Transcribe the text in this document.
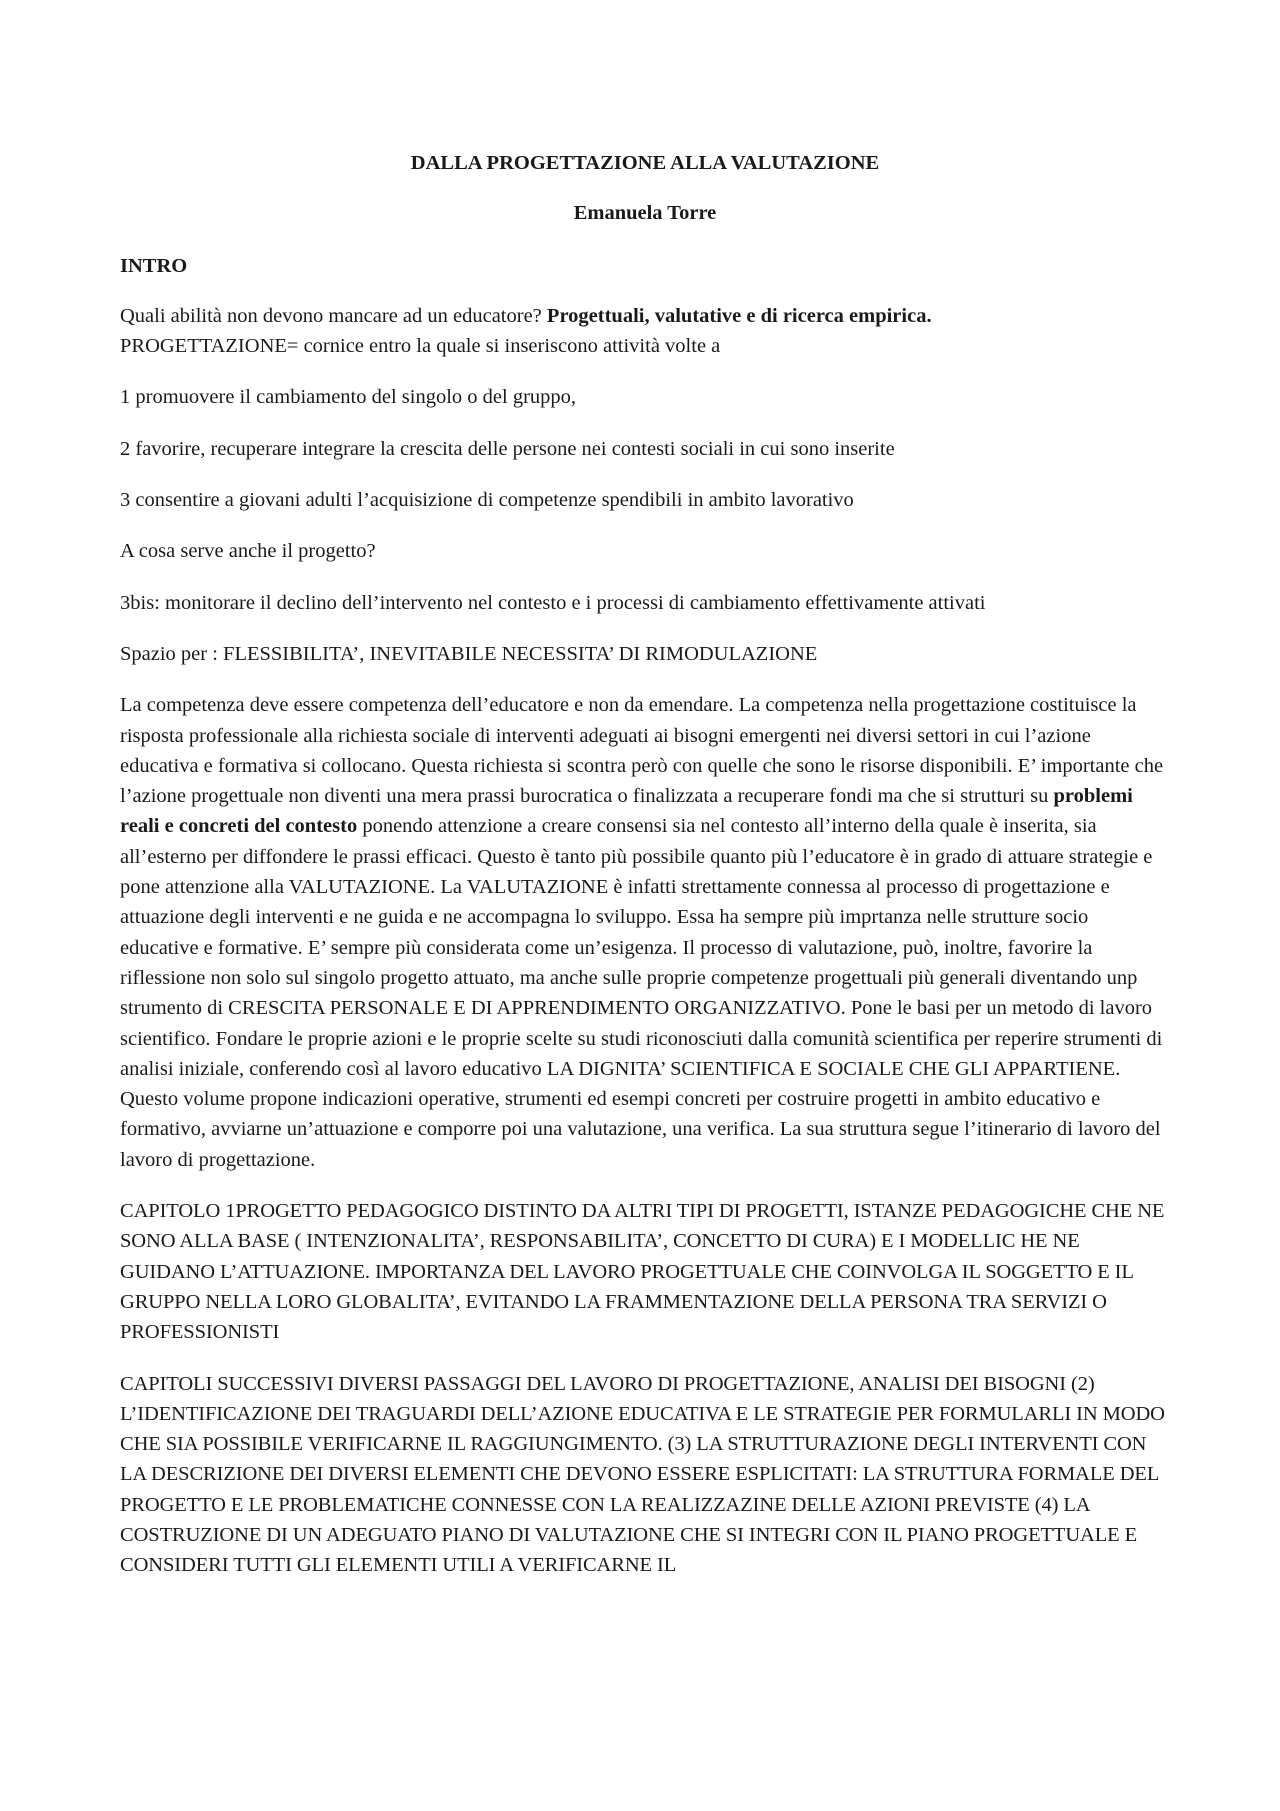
DALLA PROGETTAZIONE ALLA VALUTAZIONE
Emanuela Torre
INTRO

Quali abilità non devono mancare ad un educatore? Progettuali, valutative e di ricerca empirica.
PROGETTAZIONE= cornice entro la quale si inseriscono attività volte a

1 promuovere il cambiamento del singolo o del gruppo,

2 favorire, recuperare integrare la crescita delle persone nei contesti sociali in cui sono inserite

3 consentire a giovani adulti l’acquisizione di competenze spendibili in ambito lavorativo

A cosa serve anche il progetto?

3bis: monitorare il declino dell’intervento nel contesto e i processi di cambiamento effettivamente attivati

Spazio per : FLESSIBILITA’, INEVITABILE NECESSITA’ DI RIMODULAZIONE

La competenza deve essere competenza dell’educatore e non da emendare. La competenza nella progettazione costituisce la risposta professionale alla richiesta sociale di interventi adeguati ai bisogni emergenti nei diversi settori in cui l’azione educativa e formativa si collocano. Questa richiesta si scontra però con quelle che sono le risorse disponibili. E’ importante che l’azione progettuale non diventi una mera prassi burocratica o finalizzata a recuperare fondi ma che si strutturi su problemi reali e concreti del contesto ponendo attenzione a creare consensi sia nel contesto all’interno della quale è inserita, sia all’esterno per diffondere le prassi efficaci. Questo è tanto più possibile quanto più l’educatore è in grado di attuare strategie e pone attenzione alla VALUTAZIONE. La VALUTAZIONE è infatti strettamente connessa al processo di progettazione e attuazione degli interventi e ne guida e ne accompagna lo sviluppo. Essa ha sempre più imprtanza nelle strutture socio educative e formative. E’ sempre più considerata come un’esigenza. Il processo di valutazione, può, inoltre, favorire la riflessione non solo sul singolo progetto attuato, ma anche sulle proprie competenze progettuali più generali diventando unp strumento di CRESCITA PERSONALE E DI APPRENDIMENTO ORGANIZZATIVO. Pone le basi per un metodo di lavoro scientifico. Fondare le proprie azioni e le proprie scelte su studi riconosciuti dalla comunità scientifica per reperire strumenti di analisi iniziale, conferendo così al lavoro educativo LA DIGNITA’ SCIENTIFICA E SOCIALE CHE GLI APPARTIENE. Questo volume propone indicazioni operative, strumenti ed esempi concreti per costruire progetti in ambito educativo e formativo, avviarne un’attuazione e comporre poi una valutazione, una verifica. La sua struttura segue l’itinerario di lavoro del lavoro di progettazione.

CAPITOLO 1PROGETTO PEDAGOGICO DISTINTO DA ALTRI TIPI DI PROGETTI, ISTANZE PEDAGOGICHE CHE NE SONO ALLA BASE ( INTENZIONALITA’, RESPONSABILITA’, CONCETTO DI CURA) E I MODELLIC HE NE GUIDANO L’ATTUAZIONE. IMPORTANZA DEL LAVORO PROGETTUALE CHE COINVOLGA IL SOGGETTO E IL GRUPPO NELLA LORO GLOBALITA’, EVITANDO LA FRAMMENTAZIONE DELLA PERSONA TRA SERVIZI O PROFESSIONISTI

CAPITOLI SUCCESSIVI DIVERSI PASSAGGI DEL LAVORO DI PROGETTAZIONE, ANALISI DEI BISOGNI (2) L’IDENTIFICAZIONE DEI TRAGUARDI DELL’AZIONE EDUCATIVA E LE STRATEGIE PER FORMULARLI IN MODO CHE SIA POSSIBILE VERIFICARNE IL RAGGIUNGIMENTO. (3) LA STRUTTURAZIONE DEGLI INTERVENTI CON LA DESCRIZIONE DEI DIVERSI ELEMENTI CHE DEVONO ESSERE ESPLICITATI: LA STRUTTURA FORMALE DEL PROGETTO E LE PROBLEMATICHE CONNESSE CON LA REALIZZAZINE DELLE AZIONI PREVISTE (4) LA COSTRUZIONE DI UN ADEGUATO PIANO DI VALUTAZIONE CHE SI INTEGRI CON IL PIANO PROGETTUALE E CONSIDERI TUTTI GLI ELEMENTI UTILI A VERIFICARNE IL
